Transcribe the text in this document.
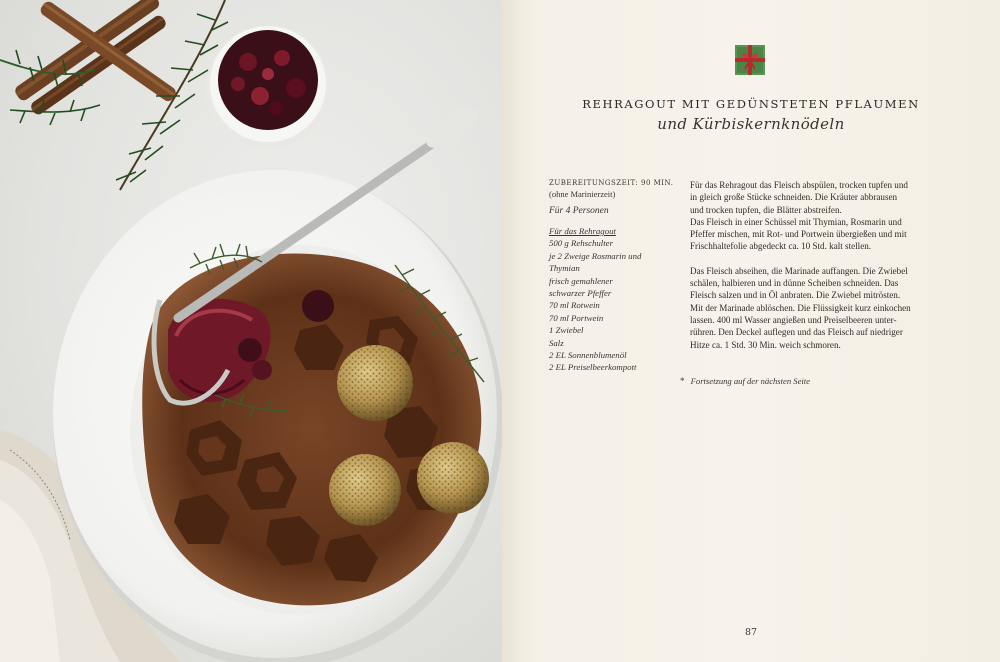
REHRAGOUT MIT GEDÜNSTETEN PFLAUMEN
und Kürbiskernknödeln
ZUBEREITUNGSZEIT: 90 MIN.
(ohne Marinierzeit)
Für 4 Personen
Für das Rehragout
500 g Rehschulter
je 2 Zweige Rosmarin und
Thymian
frisch gemahlener
schwarzer Pfeffer
70 ml Rotwein
70 ml Portwein
1 Zwiebel
Salz
2 EL Sonnenblumenöl
2 EL Preiselbeerkompott

Für das Rehragout das Fleisch abspülen, trocken tupfen und
in gleich große Stücke schneiden. Die Kräuter abbrausen
und trocken tupfen, die Blätter abstreifen.
Das Fleisch in einer Schüssel mit Thymian, Rosmarin und
Pfeffer mischen, mit Rot- und Portwein übergießen und mit
Frischhaltefolie abgedeckt ca. 10 Std. kalt stellen.

Das Fleisch abseihen, die Marinade auffangen. Die Zwiebel
schälen, halbieren und in dünne Scheiben schneiden. Das
Fleisch salzen und in Öl anbraten. Die Zwiebel mitrösten.
Mit der Marinade ablöschen. Die Flüssigkeit kurz einkochen
lassen. 400 ml Wasser angießen und Preiselbeeren unter-
rühren. Den Deckel auflegen und das Fleisch auf niedriger
Hitze ca. 1 Std. 30 Min. weich schmoren.

* Fortsetzung auf der nächsten Seite
87
